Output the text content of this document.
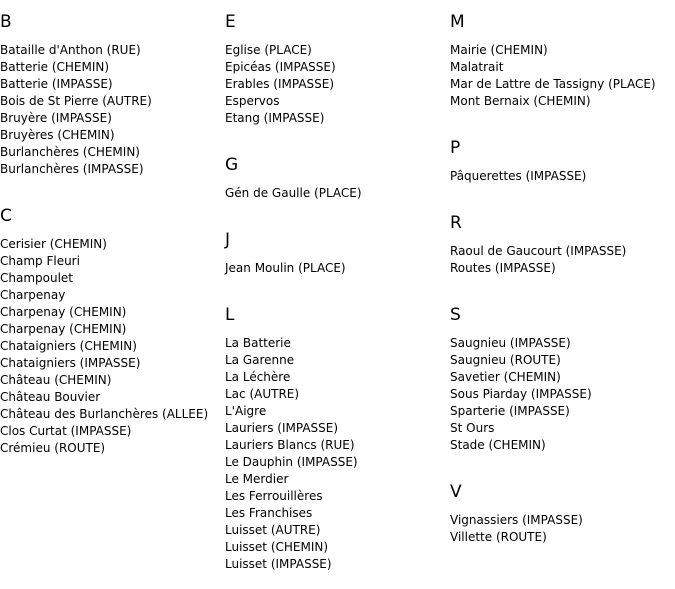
B
Bataille d'Anthon (RUE)
Batterie (CHEMIN)
Batterie (IMPASSE)
Bois de St Pierre (AUTRE)
Bruyère (IMPASSE)
Bruyères (CHEMIN)
Burlanchères (CHEMIN)
Burlanchères (IMPASSE)
C
Cerisier (CHEMIN)
Champ Fleuri
Champoulet
Charpenay
Charpenay (CHEMIN)
Charpenay (CHEMIN)
Chataigniers (CHEMIN)
Chataigniers (IMPASSE)
Château (CHEMIN)
Château Bouvier
Château des Burlanchères (ALLEE)
Clos Curtat (IMPASSE)
Crémieu (ROUTE)
E
Eglise (PLACE)
Epicéas (IMPASSE)
Erables (IMPASSE)
Espervos
Etang (IMPASSE)
G
Gén de Gaulle (PLACE)
J
Jean Moulin (PLACE)
L
La Batterie
La Garenne
La Léchère
Lac (AUTRE)
L'Aigre
Lauriers (IMPASSE)
Lauriers Blancs (RUE)
Le Dauphin (IMPASSE)
Le Merdier
Les Ferrouillères
Les Franchises
Luisset (AUTRE)
Luisset (CHEMIN)
Luisset (IMPASSE)
M
Mairie (CHEMIN)
Malatrait
Mar de Lattre de Tassigny (PLACE)
Mont Bernaix (CHEMIN)
P
Pâquerettes (IMPASSE)
R
Raoul de Gaucourt (IMPASSE)
Routes (IMPASSE)
S
Saugnieu (IMPASSE)
Saugnieu (ROUTE)
Savetier (CHEMIN)
Sous Piarday (IMPASSE)
Sparterie (IMPASSE)
St Ours
Stade (CHEMIN)
V
Vignassiers (IMPASSE)
Villette (ROUTE)
